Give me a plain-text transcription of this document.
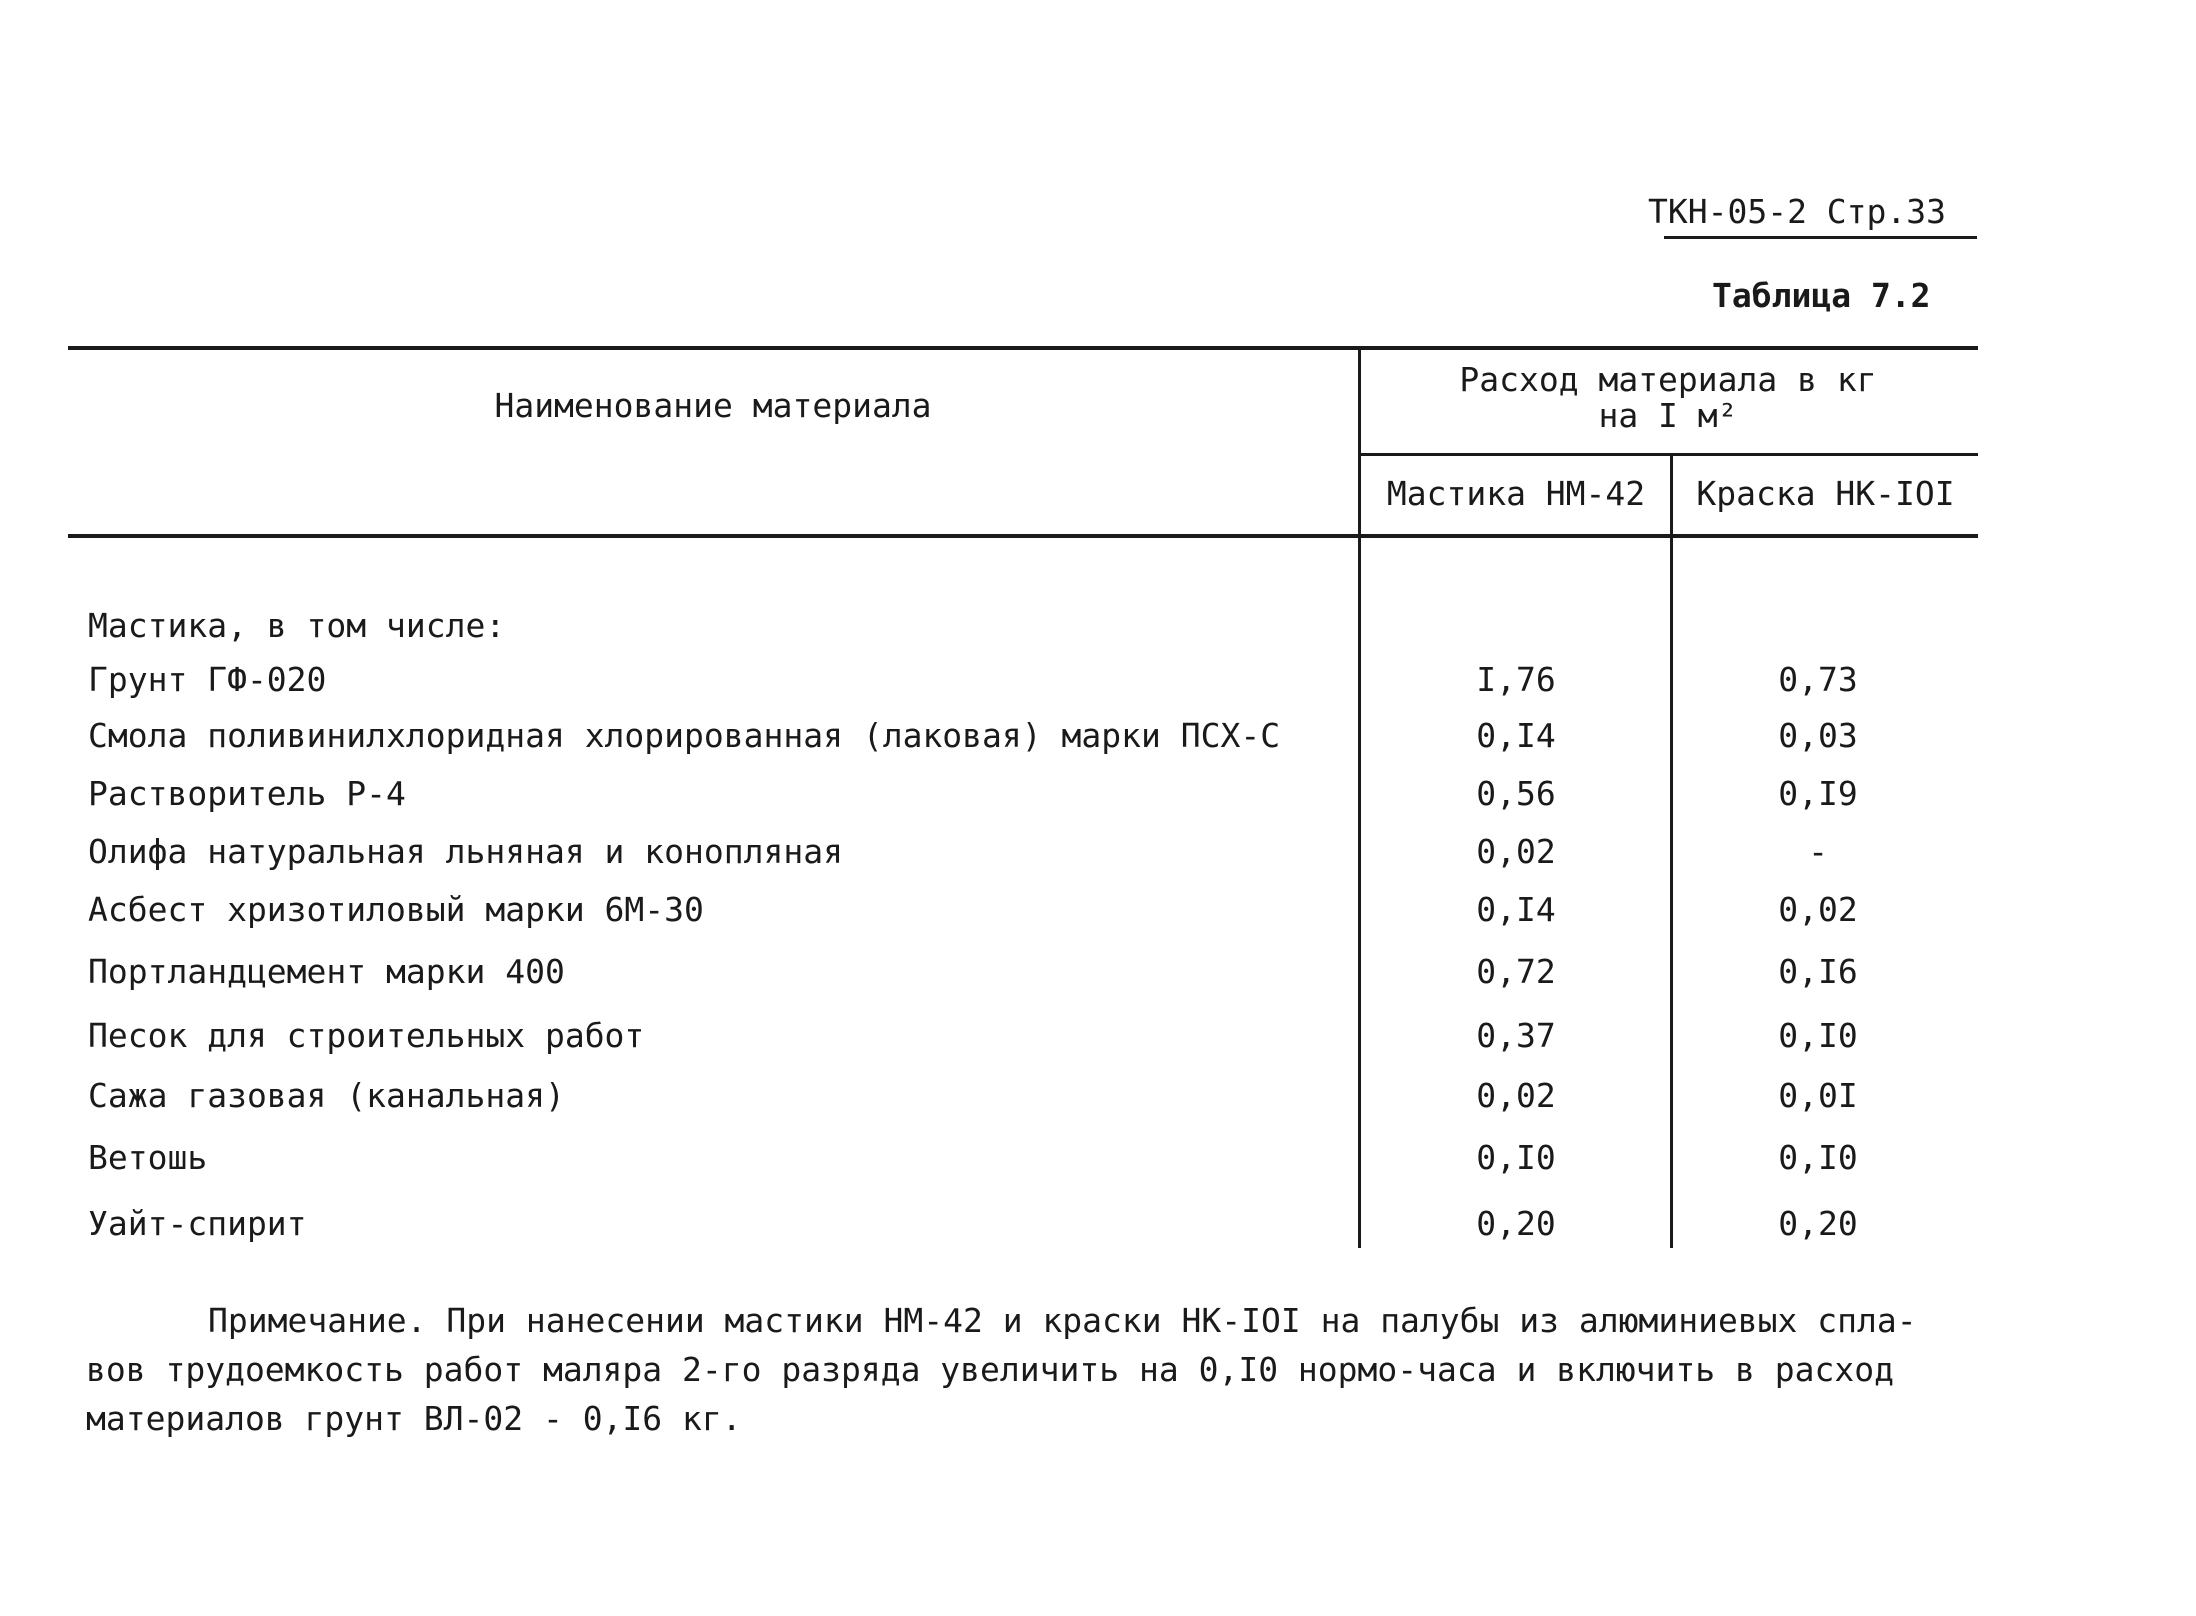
ТКН-05-2 Стр.33
Таблица 7.2
Наименование материала
Расход материала в кг
на I м²
Мастика НМ-42	Краска НК-IOI
Мастика, в том числе:
Грунт ГФ-020	I,76	0,73
Смола поливинилхлоридная хлорированная (лаковая) марки ПСХ-С	0,I4	0,03
Растворитель Р-4	0,56	0,I9
Олифа натуральная льняная и конопляная	0,02	-
Асбест хризотиловый марки 6М-30	0,I4	0,02
Портландцемент марки 400	0,72	0,I6
Песок для строительных работ	0,37	0,I0
Сажа газовая (канальная)	0,02	0,0I
Ветошь	0,I0	0,I0
Уайт-спирит	0,20	0,20
Примечание. При нанесении мастики НМ-42 и краски НК-IOI на палубы из алюминиевых спла-
вов трудоемкость работ маляра 2-го разряда увеличить на 0,I0 нормо-часа и включить в расход
материалов грунт ВЛ-02 - 0,I6 кг.
